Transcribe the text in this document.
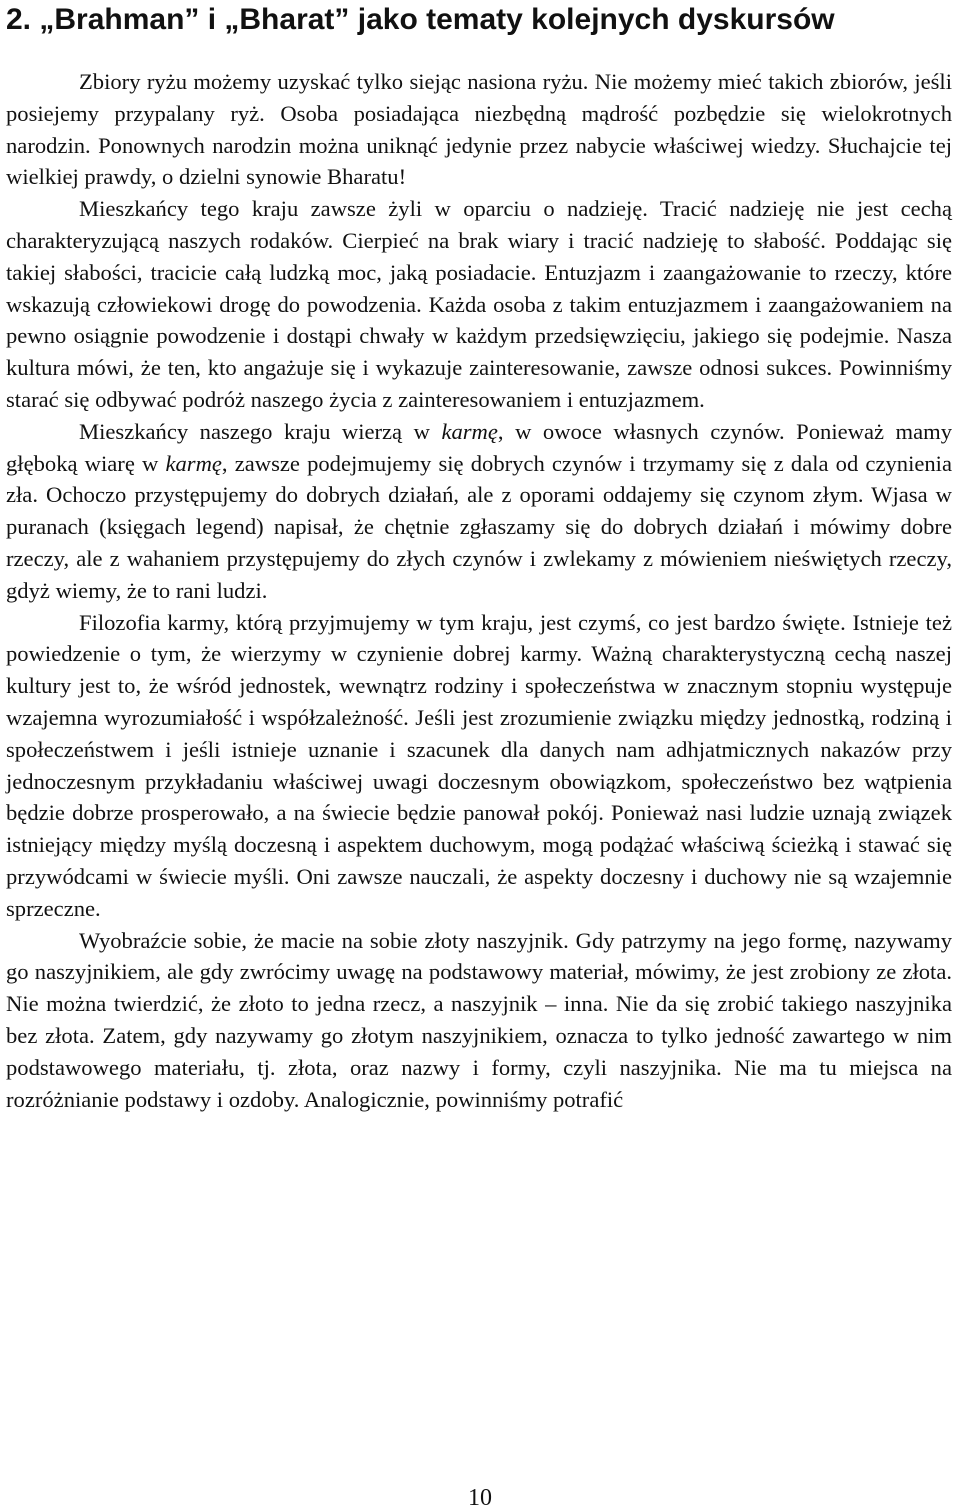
2. „Brahman” i „Bharat” jako tematy kolejnych dyskursów

Zbiory ryżu możemy uzyskać tylko siejąc nasiona ryżu. Nie możemy mieć takich zbiorów, jeśli posiejemy przypalany ryż. Osoba posiadająca niezbędną mądrość pozbędzie się wielokrotnych narodzin. Ponownych narodzin można uniknąć jedynie przez nabycie właściwej wiedzy. Słuchajcie tej wielkiej prawdy, o dzielni synowie Bharatu!

Mieszkańcy tego kraju zawsze żyli w oparciu o nadzieję. Tracić nadzieję nie jest cechą charakteryzującą naszych rodaków. Cierpieć na brak wiary i tracić nadzieję to słabość. Poddając się takiej słabości, tracicie całą ludzką moc, jaką posiadacie. Entuzjazm i zaangażowanie to rzeczy, które wskazują człowiekowi drogę do powodzenia. Każda osoba z takim entuzjazmem i zaangażowaniem na pewno osiągnie powodzenie i dostąpi chwały w każdym przedsięwzięciu, jakiego się podejmie. Nasza kultura mówi, że ten, kto angażuje się i wykazuje zainteresowanie, zawsze odnosi sukces. Powinniśmy starać się odbywać podróż naszego życia z zainteresowaniem i entuzjazmem.

Mieszkańcy naszego kraju wierzą w karmę, w owoce własnych czynów. Ponieważ mamy głęboką wiarę w karmę, zawsze podejmujemy się dobrych czynów i trzymamy się z dala od czynienia zła. Ochoczo przystępujemy do dobrych działań, ale z oporami oddajemy się czynom złym. Wjasa w puranach (księgach legend) napisał, że chętnie zgłaszamy się do dobrych działań i mówimy dobre rzeczy, ale z wahaniem przystępujemy do złych czynów i zwlekamy z mówieniem nieświętych rzeczy, gdyż wiemy, że to rani ludzi.

Filozofia karmy, którą przyjmujemy w tym kraju, jest czymś, co jest bardzo święte. Istnieje też powiedzenie o tym, że wierzymy w czynienie dobrej karmy. Ważną charakterystyczną cechą naszej kultury jest to, że wśród jednostek, wewnątrz rodziny i społeczeństwa w znacznym stopniu występuje wzajemna wyrozumiałość i współzależność. Jeśli jest zrozumienie związku między jednostką, rodziną i społeczeństwem i jeśli istnieje uznanie i szacunek dla danych nam adhjatmicznych nakazów przy jednoczesnym przykładaniu właściwej uwagi doczesnym obowiązkom, społeczeństwo bez wątpienia będzie dobrze prosperowało, a na świecie będzie panował pokój. Ponieważ nasi ludzie uznają związek istniejący między myślą doczesną i aspektem duchowym, mogą podążać właściwą ścieżką i stawać się przywódcami w świecie myśli. Oni zawsze nauczali, że aspekty doczesny i duchowy nie są wzajemnie sprzeczne.

Wyobraźcie sobie, że macie na sobie złoty naszyjnik. Gdy patrzymy na jego formę, nazywamy go naszyjnikiem, ale gdy zwrócimy uwagę na podstawowy materiał, mówimy, że jest zrobiony ze złota. Nie można twierdzić, że złoto to jedna rzecz, a naszyjnik – inna. Nie da się zrobić takiego naszyjnika bez złota. Zatem, gdy nazywamy go złotym naszyjnikiem, oznacza to tylko jedność zawartego w nim podstawowego materiału, tj. złota, oraz nazwy i formy, czyli naszyjnika. Nie ma tu miejsca na rozróżnianie podstawy i ozdoby. Analogicznie, powinniśmy potrafić

10
